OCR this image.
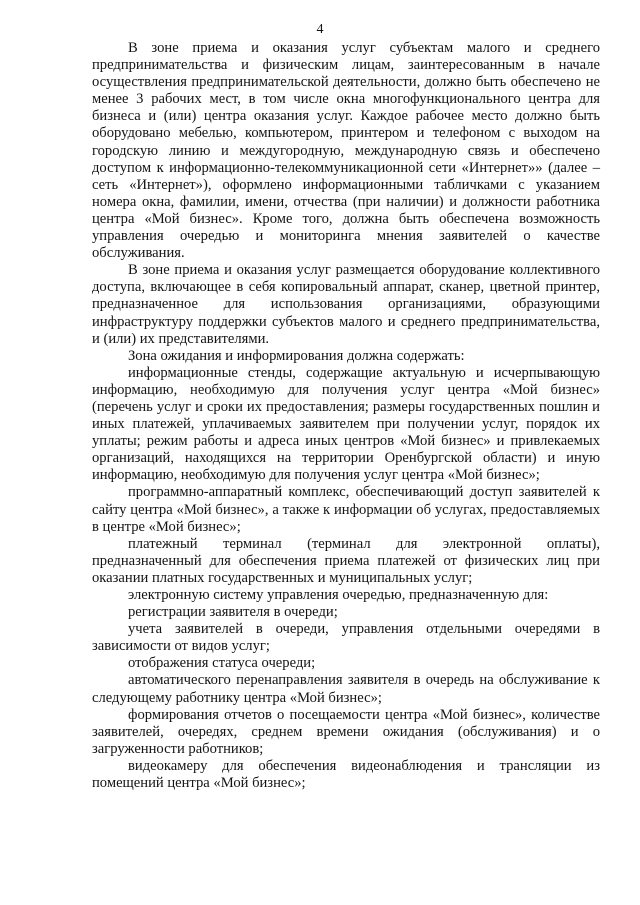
4

В зоне приема и оказания услуг субъектам малого и среднего предпринимательства и физическим лицам, заинтересованным в начале осуществления предпринимательской деятельности, должно быть обеспечено не менее 3 рабочих мест, в том числе окна многофункционального центра для бизнеса и (или) центра оказания услуг. Каждое рабочее место должно быть оборудовано мебелью, компьютером, принтером и телефоном с выходом на городскую линию и междугородную, международную связь и обеспечено доступом к информационно-телекоммуникационной сети «Интернет»» (далее – сеть «Интернет»), оформлено информационными табличками с указанием номера окна, фамилии, имени, отчества (при наличии) и должности работника центра «Мой бизнес». Кроме того, должна быть обеспечена возможность управления очередью и мониторинга мнения заявителей о качестве обслуживания.

В зоне приема и оказания услуг размещается оборудование коллективного доступа, включающее в себя копировальный аппарат, сканер, цветной принтер, предназначенное для использования организациями, образующими инфраструктуру поддержки субъектов малого и среднего предпринимательства, и (или) их представителями.

Зона ожидания и информирования должна содержать:

информационные стенды, содержащие актуальную и исчерпывающую информацию, необходимую для получения услуг центра «Мой бизнес» (перечень услуг и сроки их предоставления; размеры государственных пошлин и иных платежей, уплачиваемых заявителем при получении услуг, порядок их уплаты; режим работы и адреса иных центров «Мой бизнес» и привлекаемых организаций, находящихся на территории Оренбургской области) и иную информацию, необходимую для получения услуг центра «Мой бизнес»;

программно-аппаратный комплекс, обеспечивающий доступ заявителей к сайту центра «Мой бизнес», а также к информации об услугах, предоставляемых в центре «Мой бизнес»;

платежный терминал (терминал для электронной оплаты), предназначенный для обеспечения приема платежей от физических лиц при оказании платных государственных и муниципальных услуг;

электронную систему управления очередью, предназначенную для:

регистрации заявителя в очереди;

учета заявителей в очереди, управления отдельными очередями в зависимости от видов услуг;

отображения статуса очереди;

автоматического перенаправления заявителя в очередь на обслуживание к следующему работнику центра «Мой бизнес»;

формирования отчетов о посещаемости центра «Мой бизнес», количестве заявителей, очередях, среднем времени ожидания (обслуживания) и о загруженности работников;

видеокамеру для обеспечения видеонаблюдения и трансляции из помещений центра «Мой бизнес»;
